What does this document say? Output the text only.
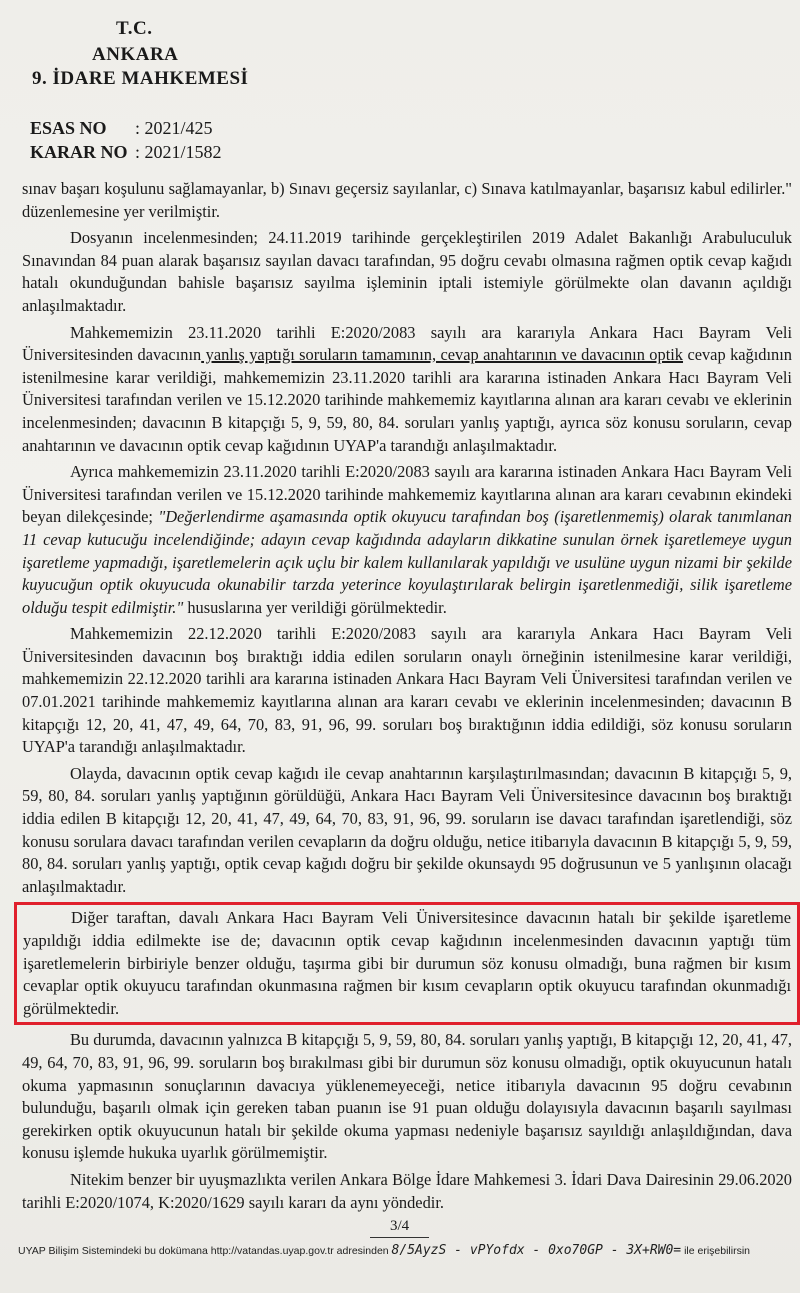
T.C.
ANKARA
9. İDARE MAHKEMESİ
ESAS NO	: 2021/425
KARAR NO : 2021/1582

sınav başarı koşulunu sağlamayanlar, b) Sınavı geçersiz sayılanlar, c) Sınava katılmayanlar, başarısız kabul edilirler." düzenlemesine yer verilmiştir.

Dosyanın incelenmesinden; 24.11.2019 tarihinde gerçekleştirilen 2019 Adalet Bakanlığı Arabuluculuk Sınavından 84 puan alarak başarısız sayılan davacı tarafından, 95 doğru cevabı olmasına rağmen optik cevap kağıdı hatalı okunduğundan bahisle başarısız sayılma işleminin iptali istemiyle görülmekte olan davanın açıldığı anlaşılmaktadır.

Mahkememizin 23.11.2020 tarihli E:2020/2083 sayılı ara kararıyla Ankara Hacı Bayram Veli Üniversitesinden davacının yanlış yaptığı soruların tamamının, cevap anahtarının ve davacının optik cevap kağıdının istenilmesine karar verildiği, mahkememizin 23.11.2020 tarihli ara kararına istinaden Ankara Hacı Bayram Veli Üniversitesi tarafından verilen ve 15.12.2020 tarihinde mahkememiz kayıtlarına alınan ara kararı cevabı ve eklerinin incelenmesinden; davacının B kitapçığı 5, 9, 59, 80, 84. soruları yanlış yaptığı, ayrıca söz konusu soruların, cevap anahtarının ve davacının optik cevap kağıdının UYAP'a tarandığı anlaşılmaktadır.

Ayrıca mahkememizin 23.11.2020 tarihli E:2020/2083 sayılı ara kararına istinaden Ankara Hacı Bayram Veli Üniversitesi tarafından verilen ve 15.12.2020 tarihinde mahkememiz kayıtlarına alınan ara kararı cevabının ekindeki beyan dilekçesinde; "Değerlendirme aşamasında optik okuyucu tarafından boş (işaretlenmemiş) olarak tanımlanan 11 cevap kutucuğu incelendiğinde; adayın cevap kağıdında adayların dikkatine sunulan örnek işaretlemeye uygun işaretleme yapmadığı, işaretlemelerin açık uçlu bir kalem kullanılarak yapıldığı ve usulüne uygun nizami bir şekilde kuyucuğun optik okuyucuda okunabilir tarzda yeterince koyulaştırılarak belirgin işaretlenmediği, silik işaretleme olduğu tespit edilmiştir." hususlarına yer verildiği görülmektedir.

Mahkememizin 22.12.2020 tarihli E:2020/2083 sayılı ara kararıyla Ankara Hacı Bayram Veli Üniversitesinden davacının boş bıraktığı iddia edilen soruların onaylı örneğinin istenilmesine karar verildiği, mahkememizin 22.12.2020 tarihli ara kararına istinaden Ankara Hacı Bayram Veli Üniversitesi tarafından verilen ve 07.01.2021 tarihinde mahkememiz kayıtlarına alınan ara kararı cevabı ve eklerinin incelenmesinden; davacının B kitapçığı 12, 20, 41, 47, 49, 64, 70, 83, 91, 96, 99. soruları boş bıraktığının iddia edildiği, söz konusu soruların UYAP'a tarandığı anlaşılmaktadır.

Olayda, davacının optik cevap kağıdı ile cevap anahtarının karşılaştırılmasından; davacının B kitapçığı 5, 9, 59, 80, 84. soruları yanlış yaptığının görüldüğü, Ankara Hacı Bayram Veli Üniversitesince davacının boş bıraktığı iddia edilen B kitapçığı 12, 20, 41, 47, 49, 64, 70, 83, 91, 96, 99. soruların ise davacı tarafından işaretlendiği, söz konusu sorulara davacı tarafından verilen cevapların da doğru olduğu, netice itibarıyla davacının B kitapçığı 5, 9, 59, 80, 84. soruları yanlış yaptığı, optik cevap kağıdı doğru bir şekilde okunsaydı 95 doğrusunun ve 5 yanlışının olacağı anlaşılmaktadır.

Diğer taraftan, davalı Ankara Hacı Bayram Veli Üniversitesince davacının hatalı bir şekilde işaretleme yapıldığı iddia edilmekte ise de; davacının optik cevap kağıdının incelenmesinden davacının yaptığı tüm işaretlemelerin birbiriyle benzer olduğu, taşırma gibi bir durumun söz konusu olmadığı, buna rağmen bir kısım cevaplar optik okuyucu tarafından okunmasına rağmen bir kısım cevapların optik okuyucu tarafından okunmadığı görülmektedir.

Bu durumda, davacının yalnızca B kitapçığı 5, 9, 59, 80, 84. soruları yanlış yaptığı, B kitapçığı 12, 20, 41, 47, 49, 64, 70, 83, 91, 96, 99. soruların boş bırakılması gibi bir durumun söz konusu olmadığı, optik okuyucunun hatalı okuma yapmasının sonuçlarının davacıya yüklenemeyeceği, netice itibarıyla davacının 95 doğru cevabının bulunduğu, başarılı olmak için gereken taban puanın ise 91 puan olduğu dolayısıyla davacının başarılı sayılması gerekirken optik okuyucunun hatalı bir şekilde okuma yapması nedeniyle başarısız sayıldığı anlaşıldığından, dava konusu işlemde hukuka uyarlık görülmemiştir.

Nitekim benzer bir uyuşmazlıkta verilen Ankara Bölge İdare Mahkemesi 3. İdari Dava Dairesinin 29.06.2020 tarihli E:2020/1074, K:2020/1629 sayılı kararı da aynı yöndedir.

3/4
UYAP Bilişim Sistemindeki bu dokümana http://vatandas.uyap.gov.tr adresinden 8/5AyzS - vPYofdx - 0xo70GP - 3X+RW0= ile erişebilirsin
